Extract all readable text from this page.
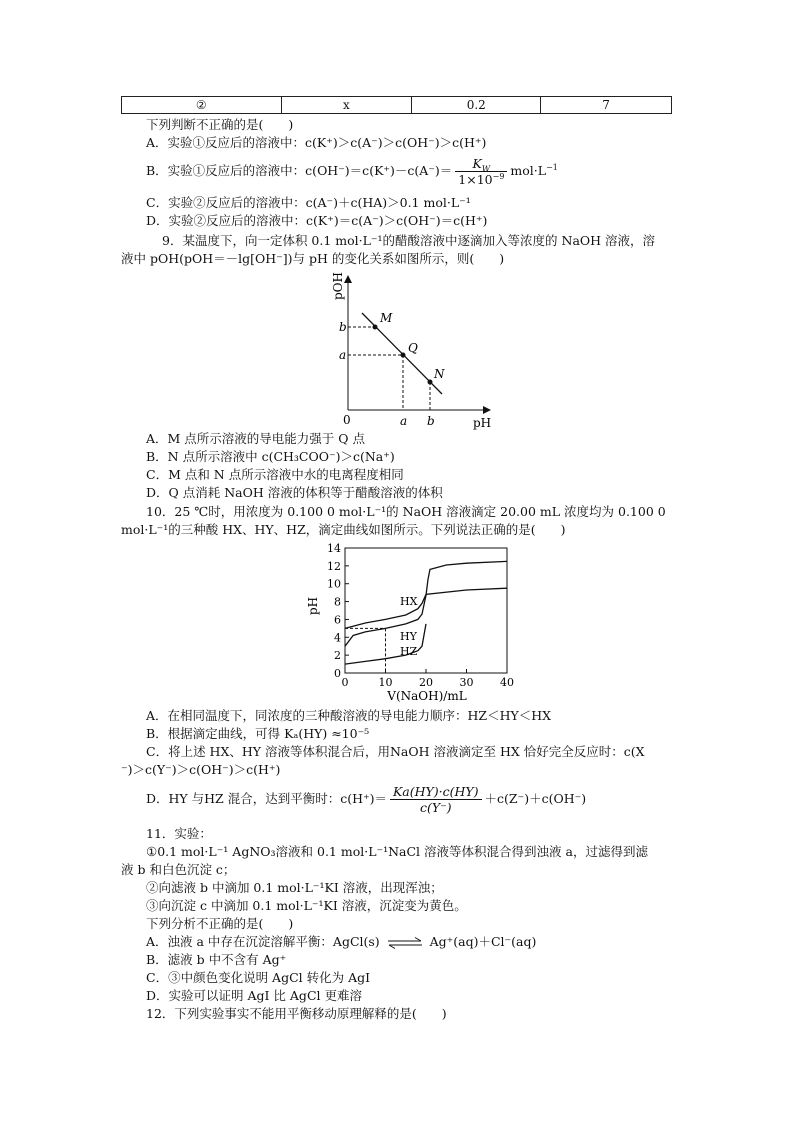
②	x	0.2	7
下列判断不正确的是(　　)
A．实验①反应后的溶液中：c(K⁺)＞c(A⁻)＞c(OH⁻)＞c(H⁺)
B．实验①反应后的溶液中：$c(OH^-)=c(K^+)-c(A^-)= \frac{K_W}{1\times 10^{-9}} mol\cdot L^{-1}$
C．实验②反应后的溶液中：c(A⁻)＋c(HA)＞0.1 mol·L⁻¹
D．实验②反应后的溶液中：c(K⁺)＝c(A⁻)＞c(OH⁻)＝c(H⁺)
9．某温度下，向一定体积 0.1 mol·L⁻¹的醋酸溶液中逐滴加入等浓度的 NaOH 溶液，溶
液中 pOH(pOH＝－lg[OH⁻])与 pH 的变化关系如图所示，则(　　)
pOH
pH
0
M
Q
N
b
a
a b
A．M 点所示溶液的导电能力强于 Q 点
B．N 点所示溶液中 c(CH₃COO⁻)＞c(Na⁺)
C．M 点和 N 点所示溶液中水的电离程度相同
D．Q 点消耗 NaOH 溶液的体积等于醋酸溶液的体积
10．25 ℃时，用浓度为 0.100 0 mol·L⁻¹的 NaOH 溶液滴定 20.00 mL 浓度均为 0.100 0
mol·L⁻¹的三种酸 HX、HY、HZ，滴定曲线如图所示。下列说法正确的是(　　)
0
2
4
6
8
10
12
14
0	10 20 30 40
HX
HY
HZ
pH
V(NaOH)/mL
A．在相同温度下，同浓度的三种酸溶液的导电能力顺序：HZ＜HY＜HX
B．根据滴定曲线，可得 Kₐ(HY) ≈10⁻⁵
C．将上述 HX、HY 溶液等体积混合后，用NaOH 溶液滴定至 HX 恰好完全反应时：c(X
⁻)＞c(Y⁻)＞c(OH⁻)＞c(H⁺)
D．HY 与HZ 混合，达到平衡时：$c(H^+)= \frac{Ka(HY)\cdot c(HY)}{c(Y^-)} +c(Z^-)+c(OH^-)$
11．实验：
①0.1 mol·L⁻¹ AgNO₃溶液和 0.1 mol·L⁻¹NaCl 溶液等体积混合得到浊液 a，过滤得到滤
液 b 和白色沉淀 c；
②向滤液 b 中滴加 0.1 mol·L⁻¹KI 溶液，出现浑浊；
③向沉淀 c 中滴加 0.1 mol·L⁻¹KI 溶液，沉淀变为黄色。
下列分析不正确的是(　　)
A．浊液 a 中存在沉淀溶解平衡：AgCl(s) ⇌ Ag⁺(aq)＋Cl⁻(aq)
B．滤液 b 中不含有 Ag⁺
C．③中颜色变化说明 AgCl 转化为 AgI
D．实验可以证明 AgI 比 AgCl 更难溶
12．下列实验事实不能用平衡移动原理解释的是(　　)
